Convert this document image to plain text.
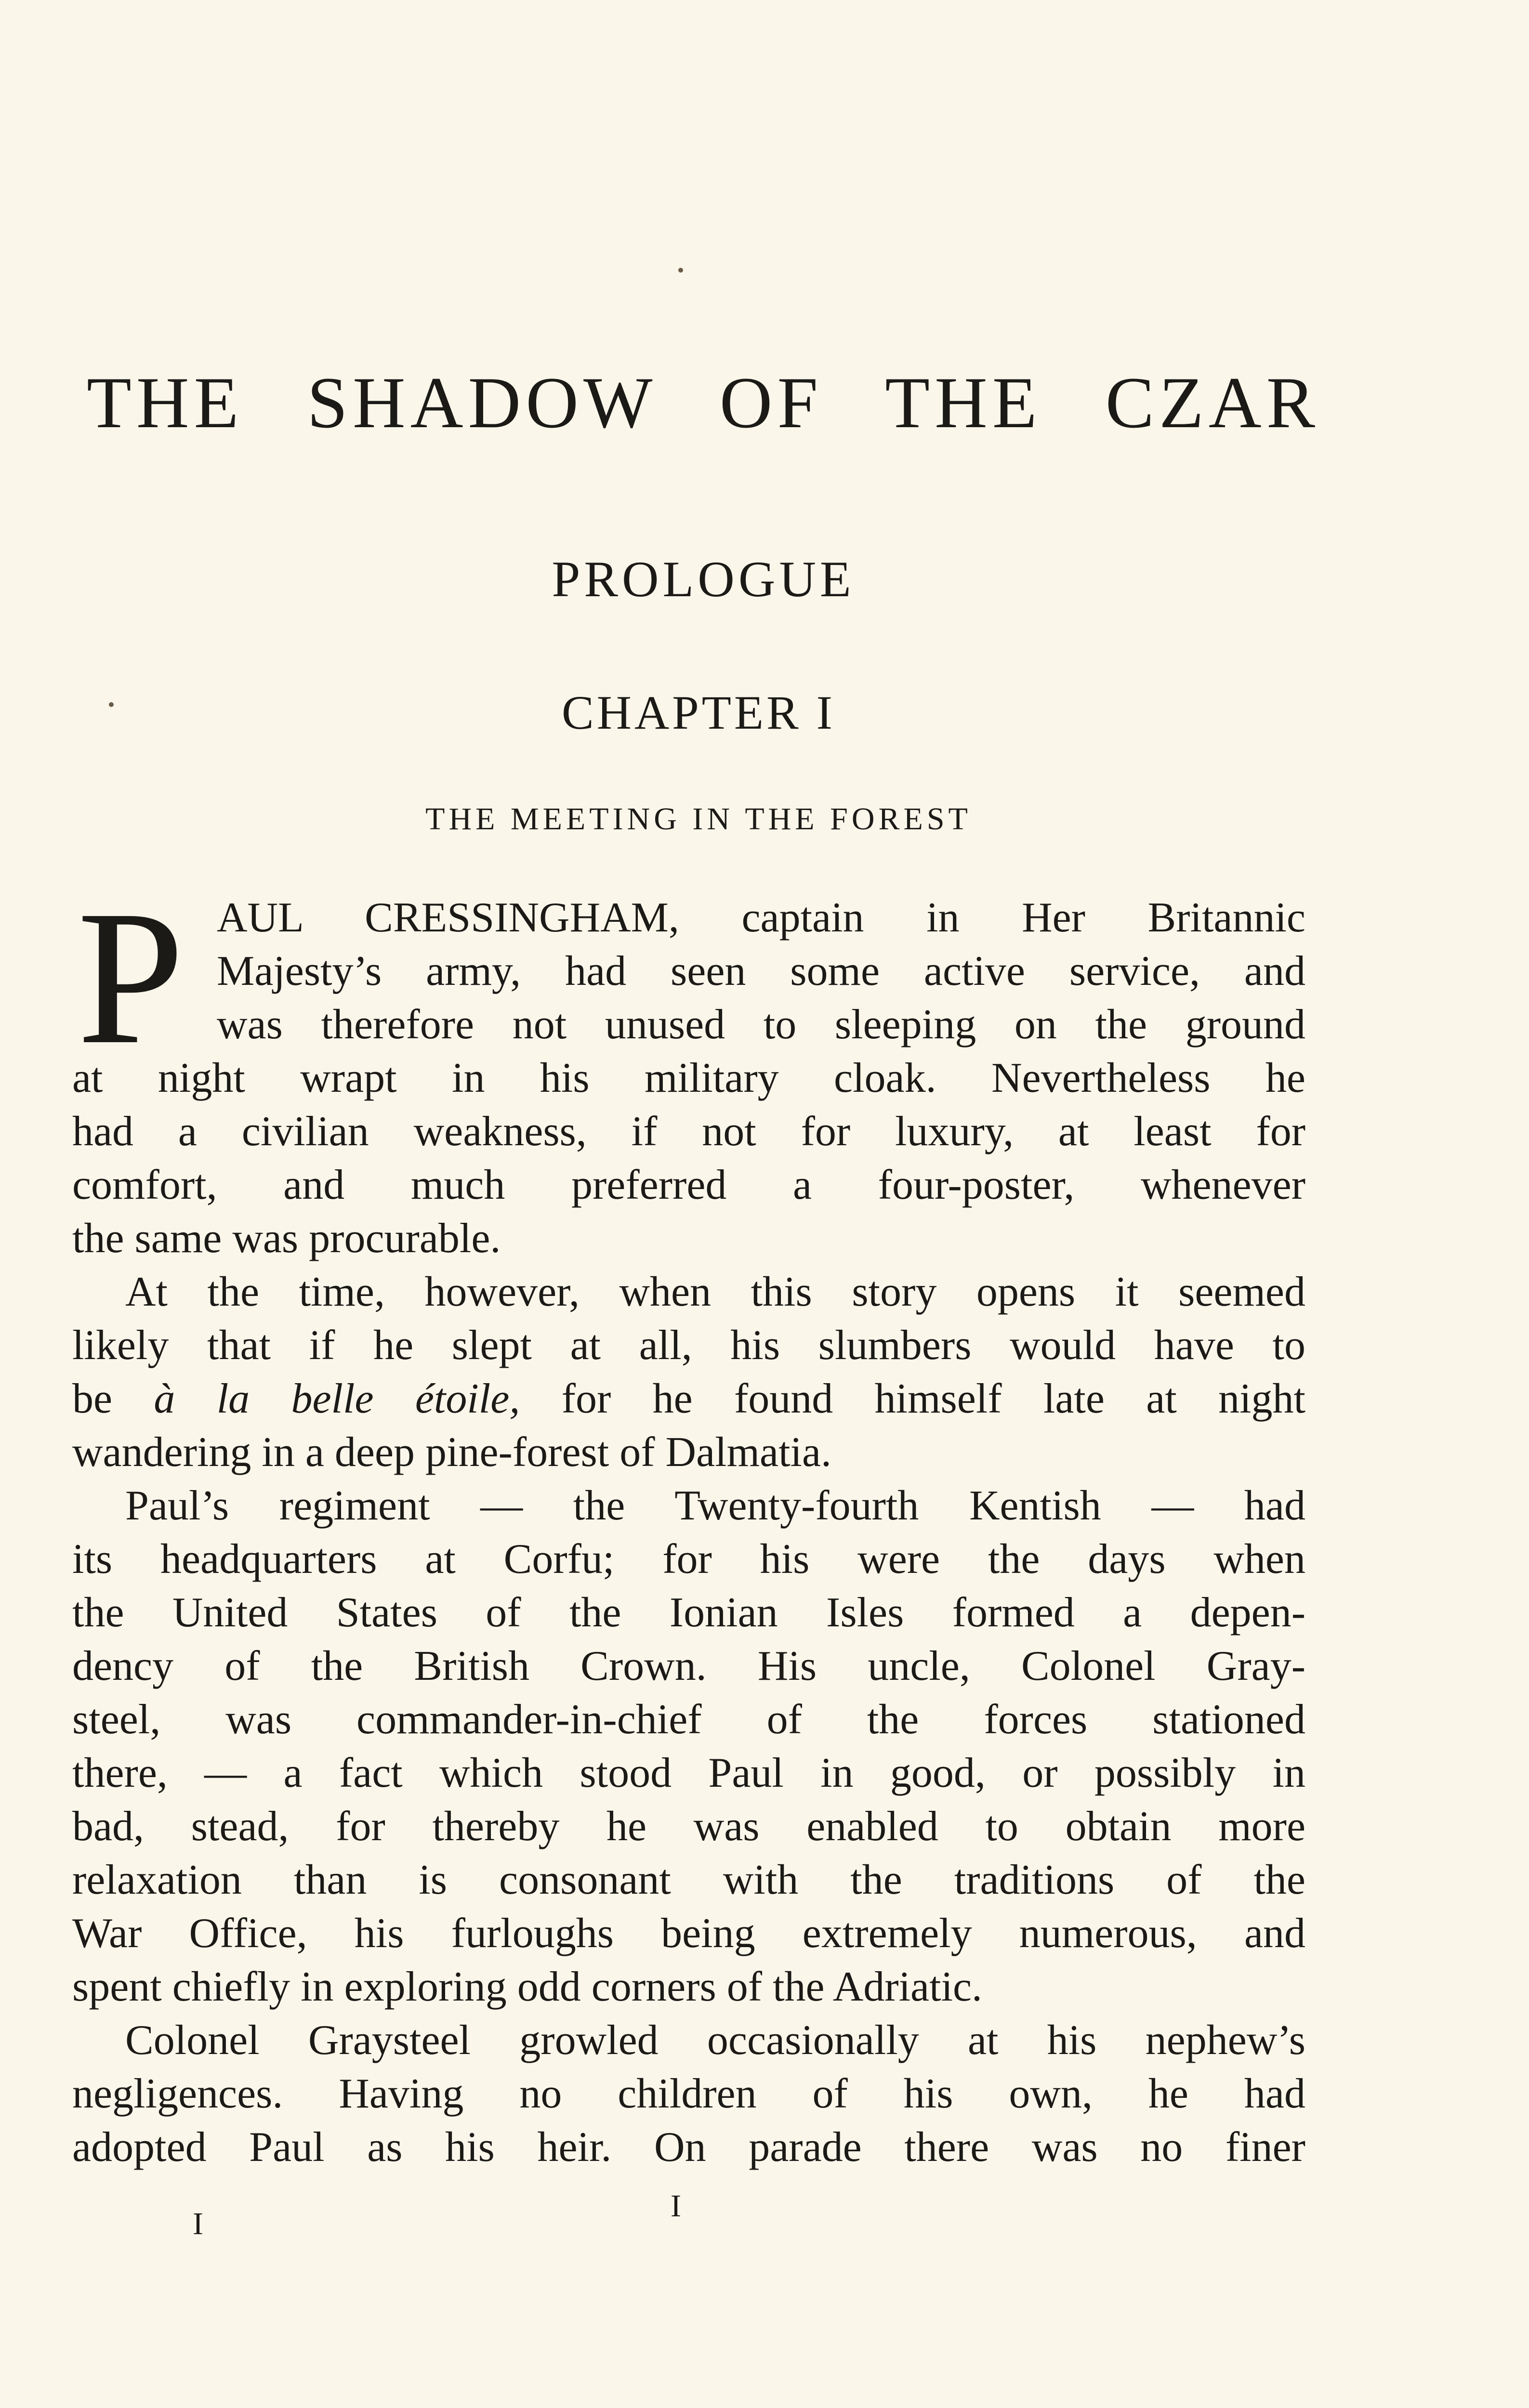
THE SHADOW OF THE CZAR
PROLOGUE
CHAPTER I
THE MEETING IN THE FOREST
P AUL CRESSINGHAM, captain in Her Britannic
Majesty’s army, had seen some active service, and
was therefore not unused to sleeping on the ground
at night wrapt in his military cloak. Nevertheless he
had a civilian weakness, if not for luxury, at least for
comfort, and much preferred a four-poster, whenever
the same was procurable.
At the time, however, when this story opens it seemed
likely that if he slept at all, his slumbers would have to
be à la belle étoile, for he found himself late at night
wandering in a deep pine-forest of Dalmatia.
Paul’s regiment — the Twenty-fourth Kentish — had
its headquarters at Corfu; for his were the days when
the United States of the Ionian Isles formed a depen-
dency of the British Crown. His uncle, Colonel Gray-
steel, was commander-in-chief of the forces stationed
there, — a fact which stood Paul in good, or possibly in
bad, stead, for thereby he was enabled to obtain more
relaxation than is consonant with the traditions of the
War Office, his furloughs being extremely numerous, and
spent chiefly in exploring odd corners of the Adriatic.
Colonel Graysteel growled occasionally at his nephew’s
negligences. Having no children of his own, he had
adopted Paul as his heir. On parade there was no finer
I
I
